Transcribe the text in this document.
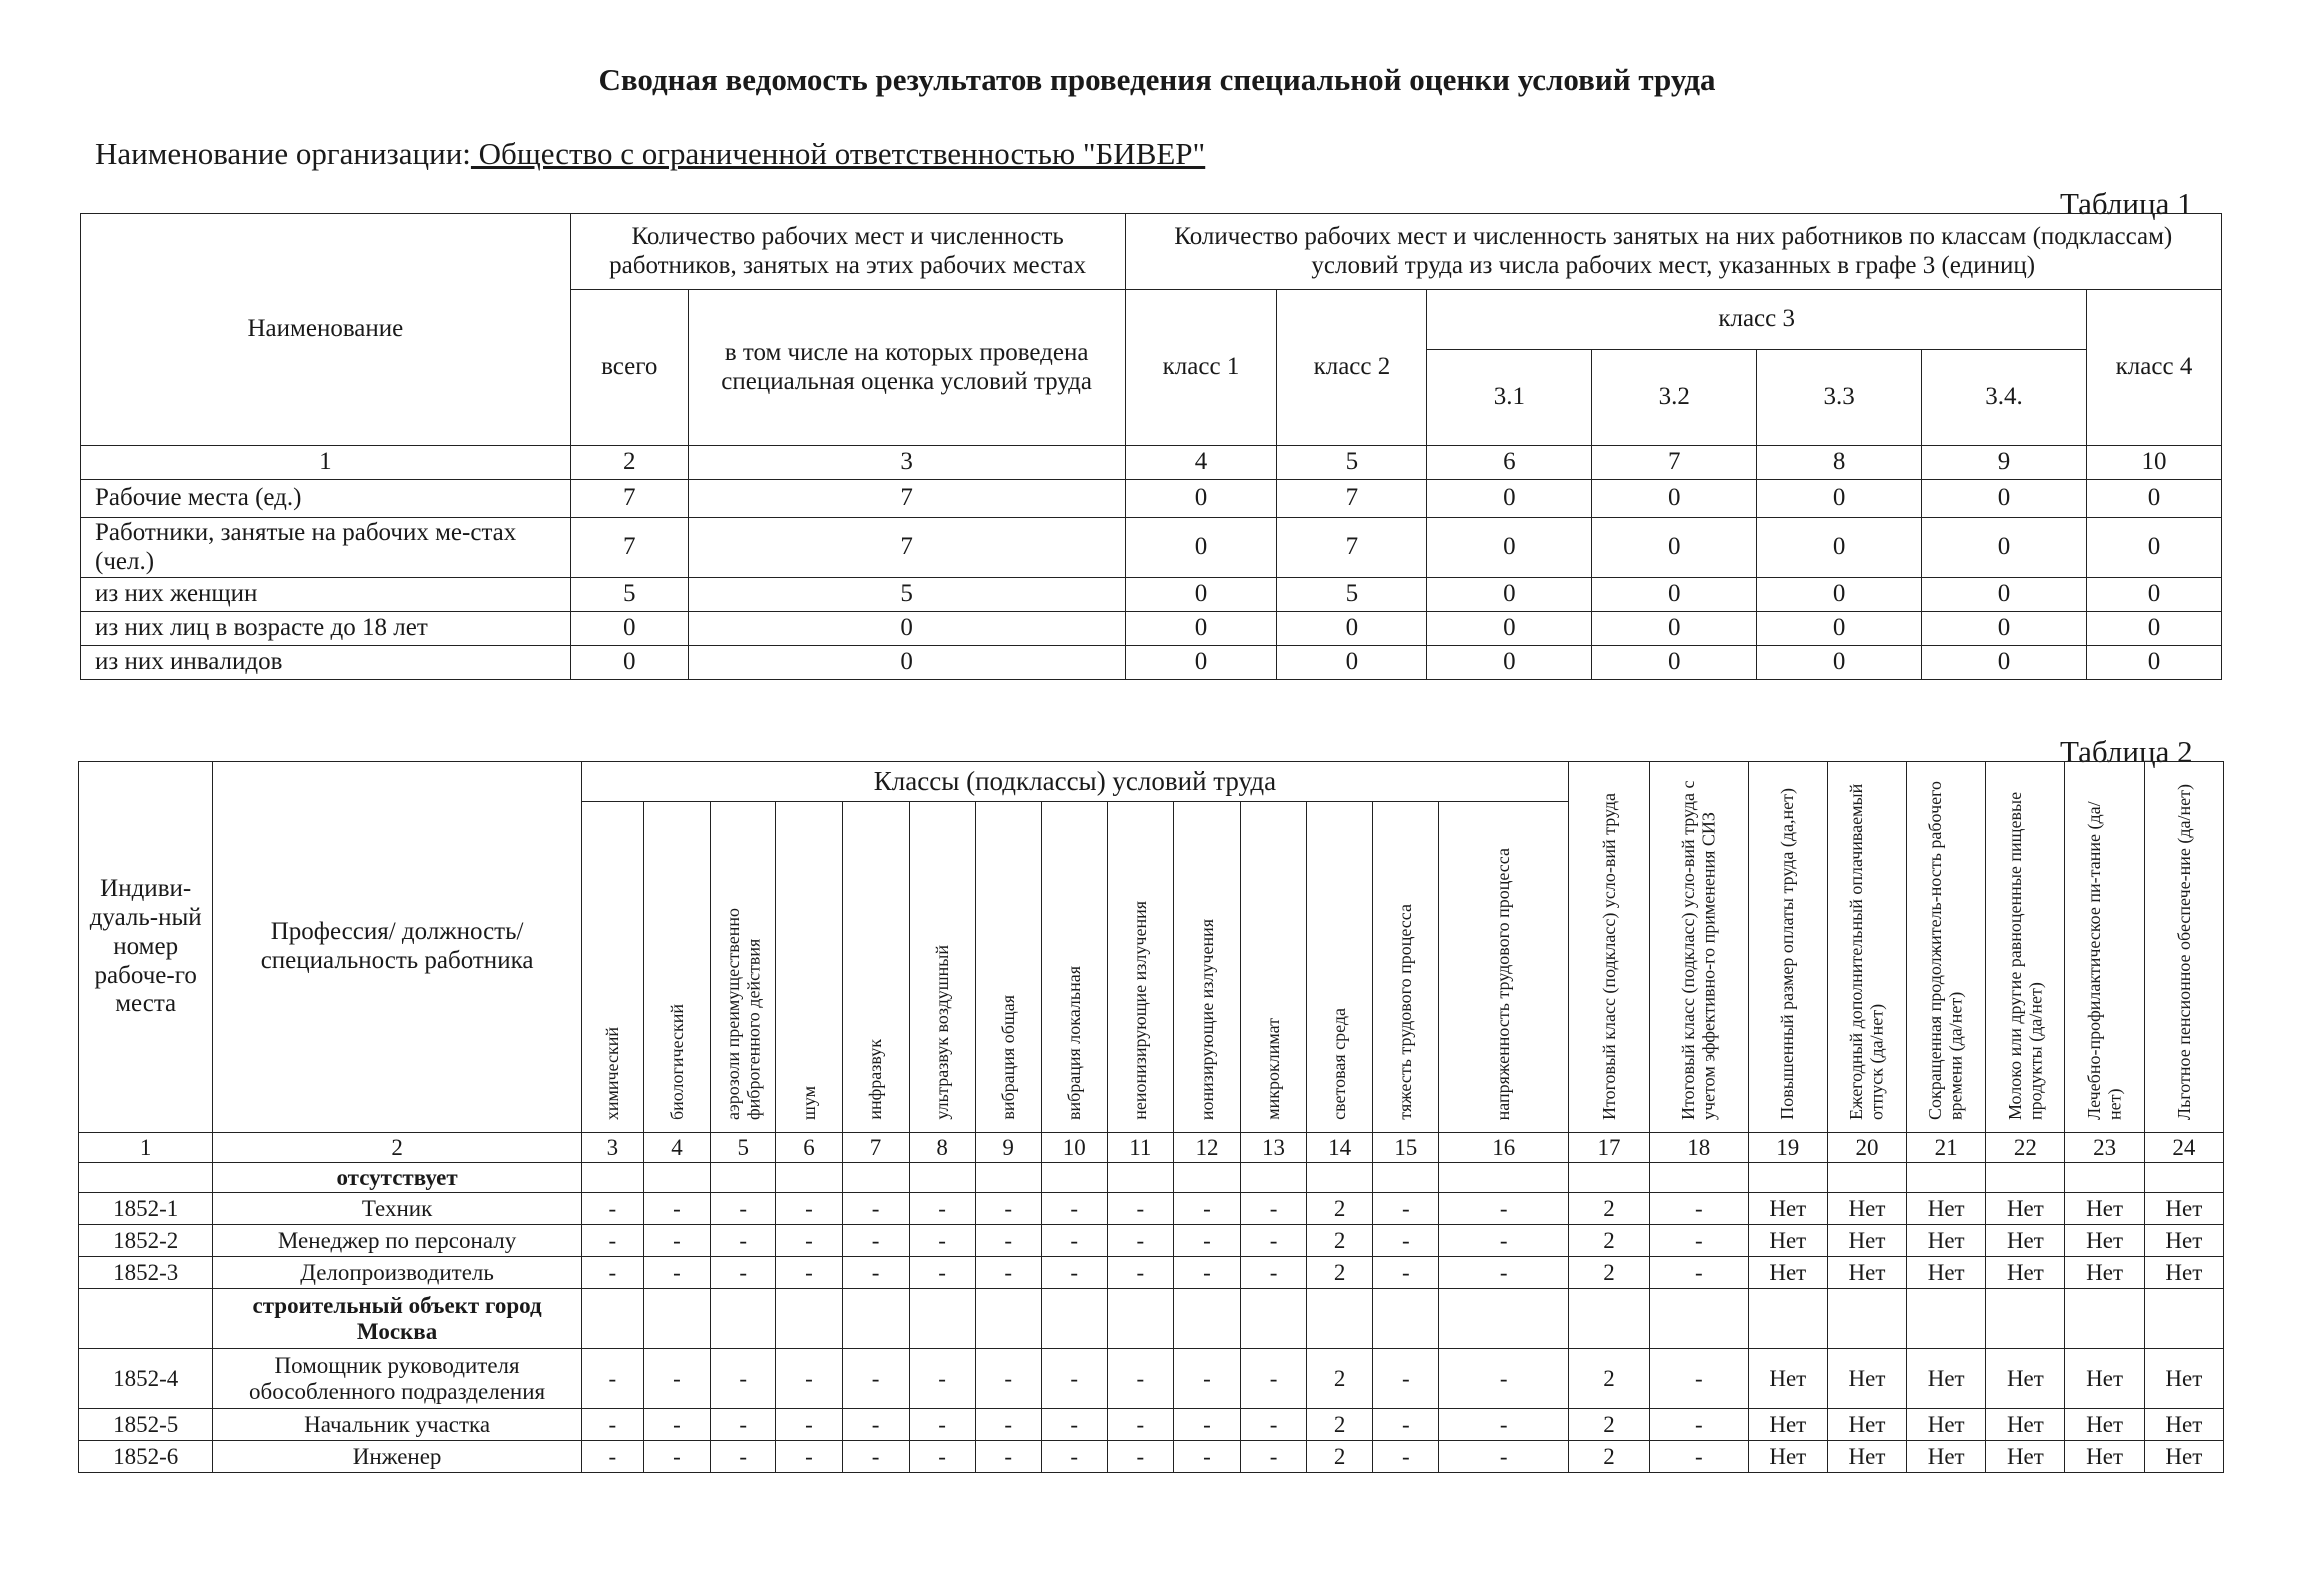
Сводная ведомость результатов проведения специальной оценки условий труда
Наименование организации: Общество с ограниченной ответственностью "БИВЕР"
Таблица 1
Наименование	Количество рабочих мест и численность работников, занятых на этих рабочих местах		Количество рабочих мест и численность занятых на них работников по классам (подклассам) условий труда из числа рабочих мест, указанных в графе 3 (единиц)						
	всего	в том числе на которых проведена специальная оценка условий труда	класс 1	класс 2	класс 3				класс 4
					3.1	3.2	3.3	3.4.	
1	2	3	4	5	6	7	8	9	10
Рабочие места (ед.)	7	7	0	7	0	0	0	0	0
Работники, занятые на рабочих ме-стах (чел.)	7	7	0	7	0	0	0	0	0
из них женщин	5	5	0	5	0	0	0	0	0
из них лиц в возрасте до 18 лет	0	0	0	0	0	0	0	0	0
из них инвалидов	0	0	0	0	0	0	0	0	0
Таблица 2
Индиви-дуаль-ный номер рабоче-го места	Профессия/ должность/ специальность работника	Классы (подклассы) условий труда														Итоговый класс (подкласс) усло-вий труда	Итоговый класс (подкласс) усло-вий труда с учетом эффективно-го применения СИЗ	Повышенный размер оплаты труда (да,нет)	Ежегодный дополнительный оплачиваемый отпуск (да/нет)	Сокращенная продолжитель-ность рабочего времени (да/нет)	Молоко или другие равноценные пищевые продукты (да/нет)	Лечебно-профилактическое пи-тание (да/нет)	Льготное пенсионное обеспече-ние (да/нет)
		химический	биологический	аэрозоли преимущественно фиброгенного действия	шум	инфразвук	ультразвук воздушный	вибрация общая	вибрация локальная	неионизирующие излучения	ионизирующие излучения	микроклимат	световая среда	тяжесть трудового процесса	напряженность трудового процесса								
1	2	3	4	5	6	7	8	9	10	11	12	13	14	15	16	17	18	19	20	21	22	23	24
	отсутствует																						
1852-1	Техник	-	-	-	-	-	-	-	-	-	-	-	2	-	-	2	-	Нет	Нет	Нет	Нет	Нет	Нет
1852-2	Менеджер по персоналу	-	-	-	-	-	-	-	-	-	-	-	2	-	-	2	-	Нет	Нет	Нет	Нет	Нет	Нет
1852-3	Делопроизводитель	-	-	-	-	-	-	-	-	-	-	-	2	-	-	2	-	Нет	Нет	Нет	Нет	Нет	Нет
	строительный объект город Москва																						
1852-4	Помощник руководителя обособленного подразделения	-	-	-	-	-	-	-	-	-	-	-	2	-	-	2	-	Нет	Нет	Нет	Нет	Нет	Нет
1852-5	Начальник участка	-	-	-	-	-	-	-	-	-	-	-	2	-	-	2	-	Нет	Нет	Нет	Нет	Нет	Нет
1852-6	Инженер	-	-	-	-	-	-	-	-	-	-	-	2	-	-	2	-	Нет	Нет	Нет	Нет	Нет	Нет
